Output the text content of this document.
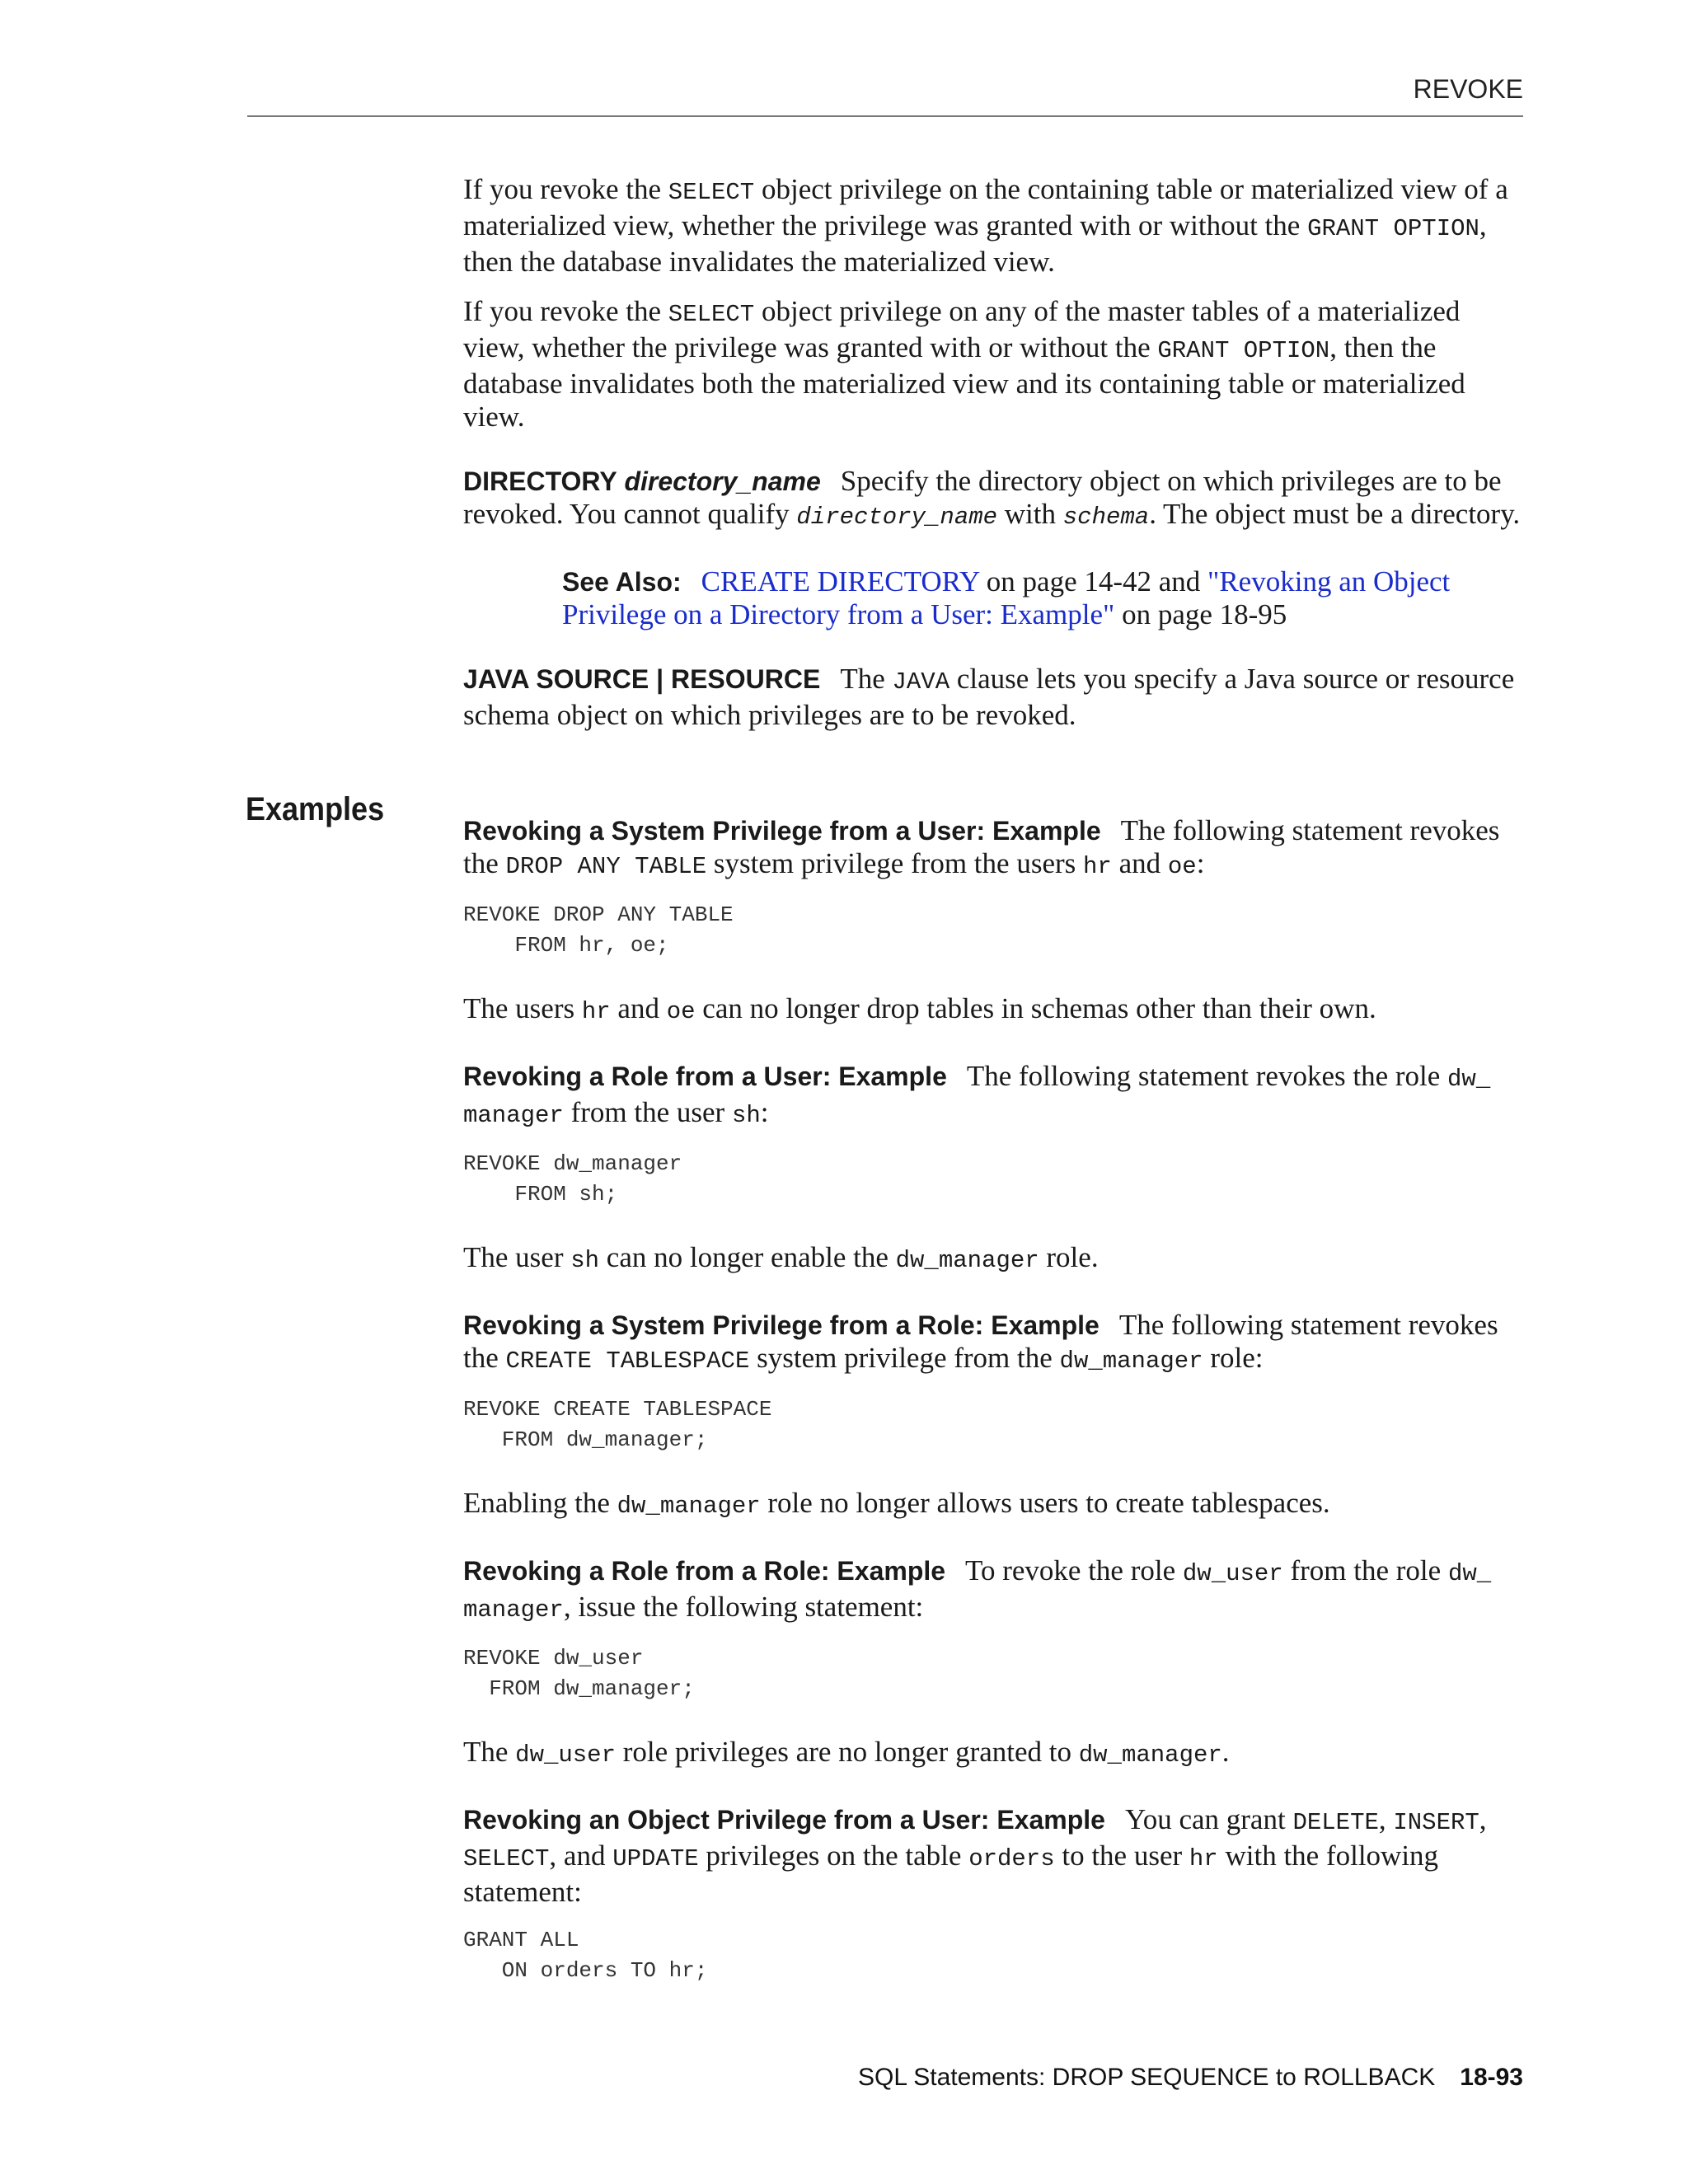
REVOKE
Examples

If you revoke the SELECT object privilege on the containing table or materialized view of a materialized view, whether the privilege was granted with or without the GRANT OPTION, then the database invalidates the materialized view.

If you revoke the SELECT object privilege on any of the master tables of a materialized view, whether the privilege was granted with or without the GRANT OPTION, then the database invalidates both the materialized view and its containing table or materialized view.

DIRECTORY directory_name Specify the directory object on which privileges are to be revoked. You cannot qualify directory_name with schema. The object must be a directory.

See Also: CREATE DIRECTORY on page 14-42 and "Revoking an Object Privilege on a Directory from a User: Example" on page 18-95

JAVA SOURCE | RESOURCE The JAVA clause lets you specify a Java source or resource schema object on which privileges are to be revoked.

Revoking a System Privilege from a User: Example The following statement revokes the DROP ANY TABLE system privilege from the users hr and oe:

REVOKE DROP ANY TABLE
FROM hr, oe;

The users hr and oe can no longer drop tables in schemas other than their own.

Revoking a Role from a User: Example The following statement revokes the role dw_ manager from the user sh:

REVOKE dw_manager
FROM sh;

The user sh can no longer enable the dw_manager role.

Revoking a System Privilege from a Role: Example The following statement revokes the CREATE TABLESPACE system privilege from the dw_manager role:

REVOKE CREATE TABLESPACE
FROM dw_manager;

Enabling the dw_manager role no longer allows users to create tablespaces.

Revoking a Role from a Role: Example To revoke the role dw_user from the role dw_ manager, issue the following statement:

REVOKE dw_user
FROM dw_manager;

The dw_user role privileges are no longer granted to dw_manager.

Revoking an Object Privilege from a User: Example You can grant DELETE, INSERT, SELECT, and UPDATE privileges on the table orders to the user hr with the following statement:

GRANT ALL
ON orders TO hr;
SQL Statements: DROP SEQUENCE to ROLLBACK 18-93
